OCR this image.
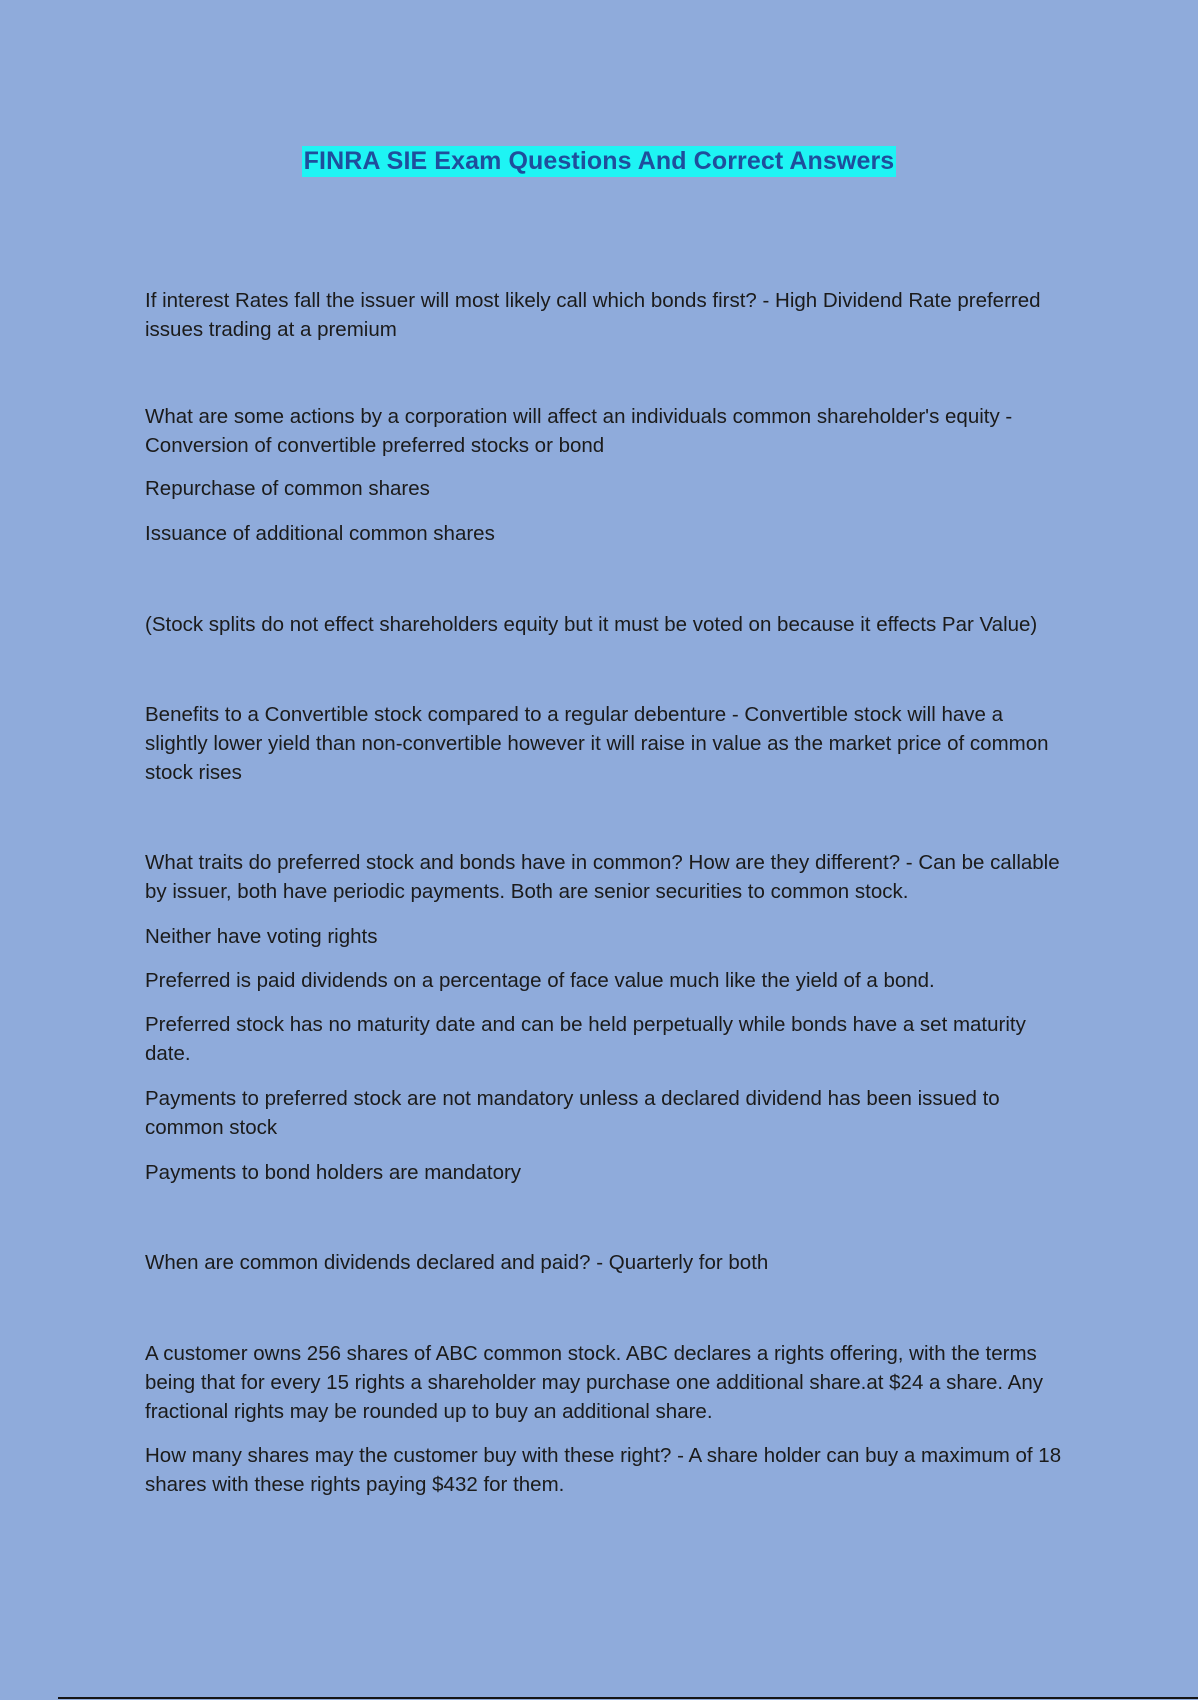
FINRA SIE Exam Questions And Correct Answers

If interest Rates fall the issuer will most likely call which bonds first? - High Dividend Rate preferred issues trading at a premium

What are some actions by a corporation will affect an individuals common shareholder's equity - Conversion of convertible preferred stocks or bond

Repurchase of common shares

Issuance of additional common shares

(Stock splits do not effect shareholders equity but it must be voted on because it effects Par Value)

Benefits to a Convertible stock compared to a regular debenture - Convertible stock will have a slightly lower yield than non-convertible however it will raise in value as the market price of common stock rises

What traits do preferred stock and bonds have in common? How are they different? - Can be callable by issuer, both have periodic payments. Both are senior securities to common stock.

Neither have voting rights

Preferred is paid dividends on a percentage of face value much like the yield of a bond.

Preferred stock has no maturity date and can be held perpetually while bonds have a set maturity date.

Payments to preferred stock are not mandatory unless a declared dividend has been issued to common stock

Payments to bond holders are mandatory

When are common dividends declared and paid? - Quarterly for both

A customer owns 256 shares of ABC common stock. ABC declares a rights offering, with the terms being that for every 15 rights a shareholder may purchase one additional share.at $24 a share. Any fractional rights may be rounded up to buy an additional share.

How many shares may the customer buy with these right? - A share holder can buy a maximum of 18 shares with these rights paying $432 for them.
